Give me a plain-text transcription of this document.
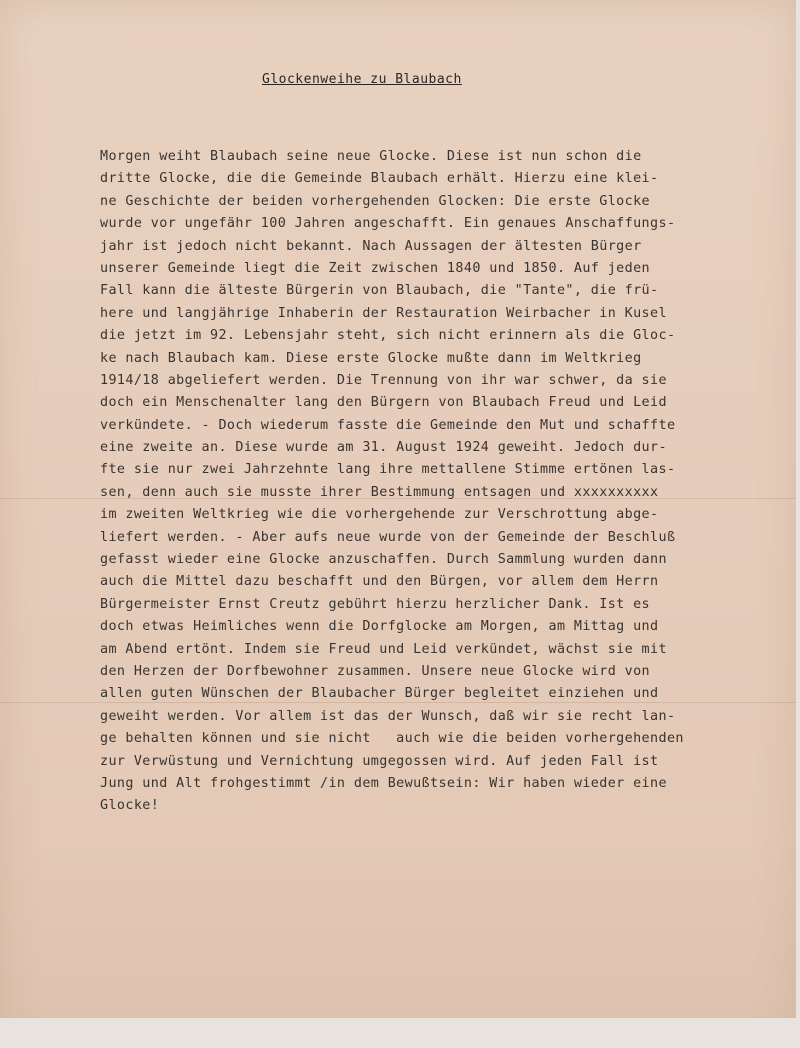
Glockenweihe zu Blaubach
Morgen weiht Blaubach seine neue Glocke. Diese ist nun schon die
dritte Glocke, die die Gemeinde Blaubach erhält. Hierzu eine klei-
ne Geschichte der beiden vorhergehenden Glocken: Die erste Glocke
wurde vor ungefähr 100 Jahren angeschafft. Ein genaues Anschaffungs-
jahr ist jedoch nicht bekannt. Nach Aussagen der ältesten Bürger
unserer Gemeinde liegt die Zeit zwischen 1840 und 1850. Auf jeden
Fall kann die älteste Bürgerin von Blaubach, die "Tante", die frü-
here und langjährige Inhaberin der Restauration Weirbacher in Kusel
die jetzt im 92. Lebensjahr steht, sich nicht erinnern als die Gloc-
ke nach Blaubach kam. Diese erste Glocke mußte dann im Weltkrieg
1914/18 abgeliefert werden. Die Trennung von ihr war schwer, da sie
doch ein Menschenalter lang den Bürgern von Blaubach Freud und Leid
verkündete. - Doch wiederum fasste die Gemeinde den Mut und schaffte
eine zweite an. Diese wurde am 31. August 1924 geweiht. Jedoch dur-
fte sie nur zwei Jahrzehnte lang ihre mettallene Stimme ertönen las-
sen, denn auch sie musste ihrer Bestimmung entsagen und xxxxxxxxxx
im zweiten Weltkrieg wie die vorhergehende zur Verschrottung abge-
liefert werden. - Aber aufs neue wurde von der Gemeinde der Beschluß
gefasst wieder eine Glocke anzuschaffen. Durch Sammlung wurden dann
auch die Mittel dazu beschafft und den Bürgen, vor allem dem Herrn
Bürgermeister Ernst Creutz gebührt hierzu herzlicher Dank. Ist es
doch etwas Heimliches wenn die Dorfglocke am Morgen, am Mittag und
am Abend ertönt. Indem sie Freud und Leid verkündet, wächst sie mit
den Herzen der Dorfbewohner zusammen. Unsere neue Glocke wird von
allen guten Wünschen der Blaubacher Bürger begleitet einziehen und
geweiht werden. Vor allem ist das der Wunsch, daß wir sie recht lan-
ge behalten können und sie nicht   auch wie die beiden vorhergehenden
zur Verwüstung und Vernichtung umgegossen wird. Auf jeden Fall ist
Jung und Alt frohgestimmt /in dem Bewußtsein: Wir haben wieder eine
Glocke!
